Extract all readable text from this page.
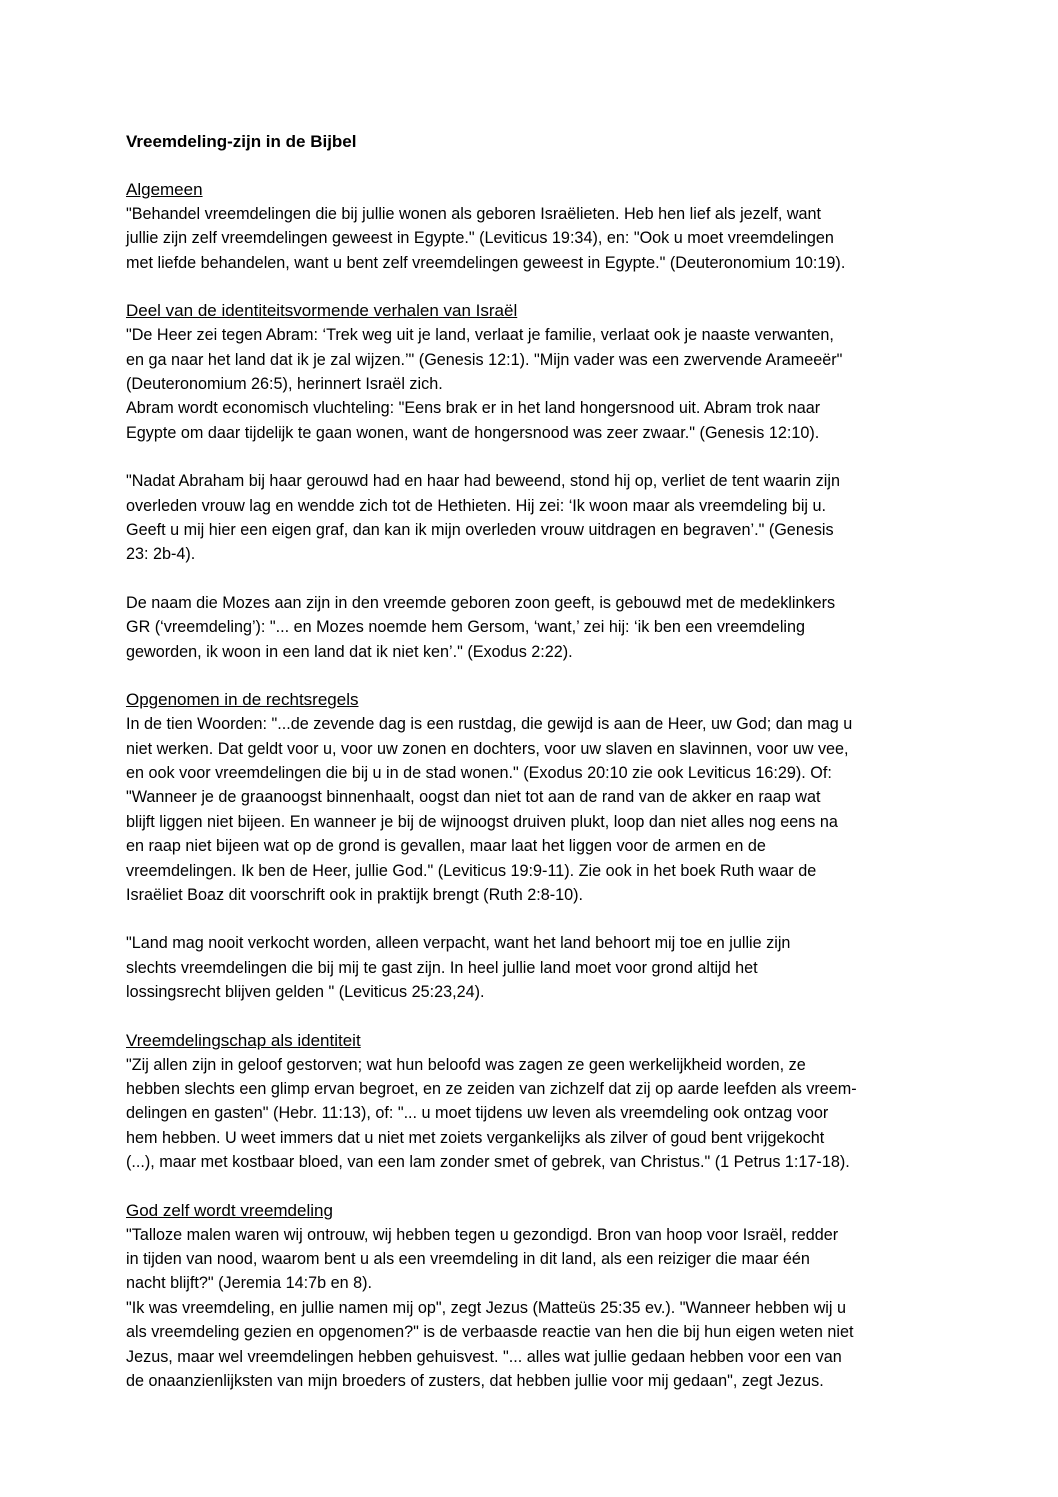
Vreemdeling-zijn in de Bijbel
Algemeen
"Behandel vreemdelingen die bij jullie wonen als geboren Israëlieten. Heb hen lief als jezelf, want
jullie zijn zelf vreemdelingen geweest in Egypte." (Leviticus 19:34), en: "Ook u moet vreemdelingen
met liefde behandelen, want u bent zelf vreemdelingen geweest in Egypte." (Deuteronomium 10:19).
Deel van de identiteitsvormende verhalen van Israël
"De Heer zei tegen Abram: ‘Trek weg uit je land, verlaat je familie, verlaat ook je naaste verwanten,
en ga naar het land dat ik je zal wijzen.’" (Genesis 12:1). "Mijn vader was een zwervende Arameeër"
(Deuteronomium 26:5), herinnert Israël zich.
Abram wordt economisch vluchteling: "Eens brak er in het land hongersnood uit. Abram trok naar
Egypte om daar tijdelijk te gaan wonen, want de hongersnood was zeer zwaar." (Genesis 12:10).
"Nadat Abraham bij haar gerouwd had en haar had beweend, stond hij op, verliet de tent waarin zijn
overleden vrouw lag en wendde zich tot de Hethieten. Hij zei: ‘Ik woon maar als vreemdeling bij u.
Geeft u mij hier een eigen graf, dan kan ik mijn overleden vrouw uitdragen en begraven’." (Genesis
23: 2b-4).
De naam die Mozes aan zijn in den vreemde geboren zoon geeft, is gebouwd met de medeklinkers
GR (‘vreemdeling’): "... en Mozes noemde hem Gersom, ‘want,’ zei hij: ‘ik ben een vreemdeling
geworden, ik woon in een land dat ik niet ken’." (Exodus 2:22).
Opgenomen in de rechtsregels
In de tien Woorden: "...de zevende dag is een rustdag, die gewijd is aan de Heer, uw God; dan mag u
niet werken. Dat geldt voor u, voor uw zonen en dochters, voor uw slaven en slavinnen, voor uw vee,
en ook voor vreemdelingen die bij u in de stad wonen." (Exodus 20:10 zie ook Leviticus 16:29). Of:
"Wanneer je de graanoogst binnenhaalt, oogst dan niet tot aan de rand van de akker en raap wat
blijft liggen niet bijeen. En wanneer je bij de wijnoogst druiven plukt, loop dan niet alles nog eens na
en raap niet bijeen wat op de grond is gevallen, maar laat het liggen voor de armen en de
vreemdelingen. Ik ben de Heer, jullie God." (Leviticus 19:9-11). Zie ook in het boek Ruth waar de
Israëliet Boaz dit voorschrift ook in praktijk brengt (Ruth 2:8-10).
"Land mag nooit verkocht worden, alleen verpacht, want het land behoort mij toe en jullie zijn
slechts vreemdelingen die bij mij te gast zijn. In heel jullie land moet voor grond altijd het
lossingsrecht blijven gelden " (Leviticus 25:23,24).
Vreemdelingschap als identiteit
"Zij allen zijn in geloof gestorven; wat hun beloofd was zagen ze geen werkelijkheid worden, ze
hebben slechts een glimp ervan begroet, en ze zeiden van zichzelf dat zij op aarde leefden als vreem-
delingen en gasten" (Hebr. 11:13), of: "... u moet tijdens uw leven als vreemdeling ook ontzag voor
hem hebben. U weet immers dat u niet met zoiets vergankelijks als zilver of goud bent vrijgekocht
(...), maar met kostbaar bloed, van een lam zonder smet of gebrek, van Christus." (1 Petrus 1:17-18).
God zelf wordt vreemdeling
"Talloze malen waren wij ontrouw, wij hebben tegen u gezondigd. Bron van hoop voor Israël, redder
in tijden van nood, waarom bent u als een vreemdeling in dit land, als een reiziger die maar één
nacht blijft?" (Jeremia 14:7b en 8).
"Ik was vreemdeling, en jullie namen mij op", zegt Jezus (Matteüs 25:35 ev.). "Wanneer hebben wij u
als vreemdeling gezien en opgenomen?" is de verbaasde reactie van hen die bij hun eigen weten niet
Jezus, maar wel vreemdelingen hebben gehuisvest. "... alles wat jullie gedaan hebben voor een van
de onaanzienlijksten van mijn broeders of zusters, dat hebben jullie voor mij gedaan", zegt Jezus.
